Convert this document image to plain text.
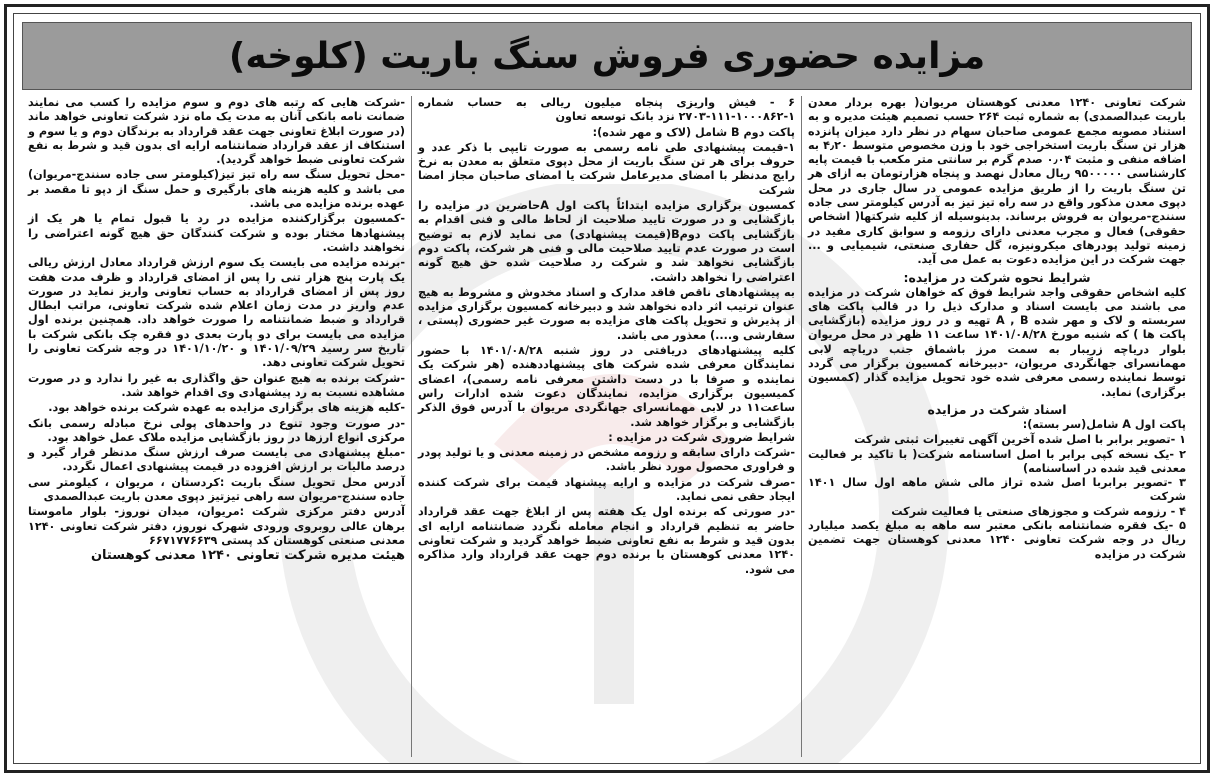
مزایده حضوری فروش سنگ باریت (کلوخه)

شرکت تعاونی ۱۲۴۰ معدنی کوهستان مریوان( بهره بردار معدن باریت عبدالصمدی) به شماره ثبت ۲۶۴ حسب تصمیم هیئت مدیره و به استناد مصوبه مجمع عمومی صاحبان سهام در نظر دارد میزان پانزده هزار تن سنگ باریت استخراجی خود با وزن مخصوص متوسط ۴٫۲۰ به اضافه منفی و مثبت ۰٫۰۴ صدم گرم بر سانتی متر مکعب با قیمت پایه کارشناسی ۹۵۰۰۰۰۰ ریال معادل نهصد و پنجاه هزارتومان به ازای هر تن سنگ باریت را از طریق مزایده عمومی در سال جاری در محل دپوی معدن مذکور واقع در سه راه تیز تیز به آدرس کیلومتر سی جاده سنندج-مریوان به فروش برساند. بدینوسیله از کلیه شرکتها( اشخاص حقوقی) فعال و مجرب معدنی دارای رزومه و سوابق کاری مفید در زمینه تولید پودرهای میکرونیزه، گل حفاری صنعتی، شیمیایی و ... جهت شرکت در این مزایده دعوت به عمل می آید.

شرایط نحوه شرکت در مزایده:

کلیه اشخاص حقوقی واجد شرایط فوق که خواهان شرکت در مزایده می باشند می بایست اسناد و مدارک ذیل را در قالب پاکت های سربسته و لاک و مهر شده A , B تهیه و در روز مزایده (بازگشایی پاکت ها ) که شنبه مورخ ۱۴۰۱/۰۸/۲۸ ساعت ۱۱ ظهر در محل مریوان بلوار دریاچه زریبار به سمت مرز باشماق جنب دریاچه لابی مهمانسرای جهانگردی مریوان، -دبیرخانه کمسیون برگزار می گردد توسط نماینده رسمی معرفی شده خود تحویل مزایده گذار (کمسیون برگزاری) نماید.

اسناد شرکت در مزایده

پاکت اول A شامل(سر بسته):

۱ -تصویر برابر با اصل شده آخرین آگهی تغییرات ثبتی شرکت
۲ -یک نسخه کپی برابر با اصل اساسنامه شرکت( با تاکید بر فعالیت معدنی قید شده در اساسنامه)
۳ -تصویر برابربا اصل شده تراز مالی شش ماهه اول سال ۱۴۰۱ شرکت
۴ - رزومه شرکت و مجوزهای صنعتی یا فعالیت شرکت
۵ -یک فقره ضمانتنامه بانکی معتبر سه ماهه به مبلغ یکصد میلیارد ریال در وجه شرکت تعاونی ۱۲۴۰ معدنی کوهستان جهت تضمین شرکت در مزایده

۶ - فیش واریزی پنجاه میلیون ریالی به حساب شماره ۱-۱۰۰۰۸۶۲-۱۱۱-۲۷۰۳ نزد بانک توسعه تعاون

پاکت دوم B شامل (لاک و مهر شده):

۱-قیمت پیشنهادی طی نامه رسمی به صورت تایپی با ذکر عدد و حروف برای هر تن سنگ باریت از محل دپوی متعلق به معدن به نرخ رایج مدنظر با امضای مدیرعامل شرکت یا امضای صاحبان مجاز امضا شرکت

کمسیون برگزاری مزایده ابتدائاً پاکت اول Aحاضرین در مزایده را بازگشایی و در صورت تایید صلاحیت از لحاظ مالی و فنی اقدام به بازگشایی پاکت دومB(قیمت پیشنهادی) می نماید لازم به توضیح است در صورت عدم تایید صلاحیت مالی و فنی هر شرکت، پاکت دوم بازگشایی نخواهد شد و شرکت رد صلاحیت شده حق هیچ گونه اعتراضی را نخواهد داشت.

به پیشنهادهای ناقص فاقد مدارک و اسناد مخدوش و مشروط به هیچ عنوان ترتیب اثر داده نخواهد شد و دبیرخانه کمسیون برگزاری مزایده از پذیرش و تحویل پاکت های مزایده به صورت غیر حضوری (پستی ، سفارشی و....) معذور می باشد.

کلیه پیشنهادهای دریافتی در روز شنبه ۱۴۰۱/۰۸/۲۸ با حضور نمایندگان معرفی شده شرکت های پیشنهاددهنده (هر شرکت یک نماینده و صرفا با در دست داشتن معرفی نامه رسمی)، اعضای کمیسیون برگزاری مزایده، نمایندگان دعوت شده ادارات راس ساعت۱۱ در لابی مهمانسرای جهانگردی مریوان با آدرس فوق الذکر بازگشایی و برگزار خواهد شد.

شرایط ضروری شرکت در مزایده :

-شرکت دارای سابقه و رزومه مشخص در زمینه معدنی و یا تولید پودر و فراوری محصول مورد نظر باشد.

-صرف شرکت در مزایده و ارایه پیشنهاد قیمت برای شرکت کننده ایجاد حقی نمی نماید.

-در صورتی که برنده اول یک هفته پس از ابلاغ جهت عقد قرارداد حاضر به تنظیم قرارداد و انجام معامله نگردد ضمانتنامه ارایه ای بدون قید و شرط به نفع تعاونی ضبط خواهد گردید و شرکت تعاونی ۱۲۴۰ معدنی کوهستان با برنده دوم جهت عقد قرارداد وارد مذاکره می شود.

-شرکت هایی که رتبه های دوم و سوم مزایده را کسب می نمایند ضمانت نامه بانکی آنان به مدت یک ماه نزد شرکت تعاونی خواهد ماند (در صورت ابلاغ تعاونی جهت عقد قرارداد به برندگان دوم و یا سوم و استنکاف از عقد قرارداد ضمانتنامه ارایه ای بدون قید و شرط به نفع شرکت تعاونی ضبط خواهد گردید).

-محل تحویل سنگ سه راه تیز تیز(کیلومتر سی جاده سنندج-مریوان) می باشد و کلیه هزینه های بارگیری و حمل سنگ از دپو تا مقصد بر عهده برنده مزایده می باشد.

-کمسیون برگزارکننده مزایده در رد یا قبول تمام یا هر یک از پیشنهادها مختار بوده و شرکت کنندگان حق هیچ گونه اعتراضی را نخواهند داشت.

-برنده مزایده می بایست یک سوم ارزش قرارداد معادل ارزش ریالی یک پارت پنج هزار تنی را پس از امضای قرارداد و ظرف مدت هفت روز پس از امضای قرارداد به حساب تعاونی واریز نماید در صورت عدم واریز در مدت زمان اعلام شده شرکت تعاونی، مراتب ابطال قرارداد و ضبط ضمانتنامه را صورت خواهد داد. همچنین برنده اول مزایده می بایست برای دو پارت بعدی دو فقره چک بانکی شرکت با تاریخ سر رسید ۱۴۰۱/۰۹/۲۹ و ۱۴۰۱/۱۰/۲۰ در وجه شرکت تعاونی را تحویل شرکت تعاونی دهد.

-شرکت برنده به هیچ عنوان حق واگذاری به غیر را ندارد و در صورت مشاهده نسبت به رد پیشنهادی وی اقدام خواهد شد.

-کلیه هزینه های برگزاری مزایده به عهده شرکت برنده خواهد بود.

-در صورت وجود تنوع در واحدهای پولی نرخ مبادله رسمی بانک مرکزی انواع ارزها در روز بازگشایی مزایده ملاک عمل خواهد بود.

-مبلغ پیشنهادی می بایست صرف ارزش سنگ مدنظر قرار گیرد و درصد مالیات بر ارزش افزوده در قیمت پیشنهادی اعمال نگردد.

آدرس محل تحویل سنگ باریت :کردستان ، مریوان ، کیلومتر سی جاده سنندج-مریوان سه راهی تیزتیز دپوی معدن باریت عبدالصمدی

آدرس دفتر مرکزی شرکت :مریوان، میدان نوروز- بلوار ماموستا برهان عالی روبروی ورودی شهرک نوروز، دفتر شرکت تعاونی ۱۲۴۰ معدنی صنعتی کوهستان کد پستی ۶۶۷۱۷۷۶۶۳۹

هیئت مدیره شرکت تعاونی ۱۲۴۰ معدنی کوهستان
